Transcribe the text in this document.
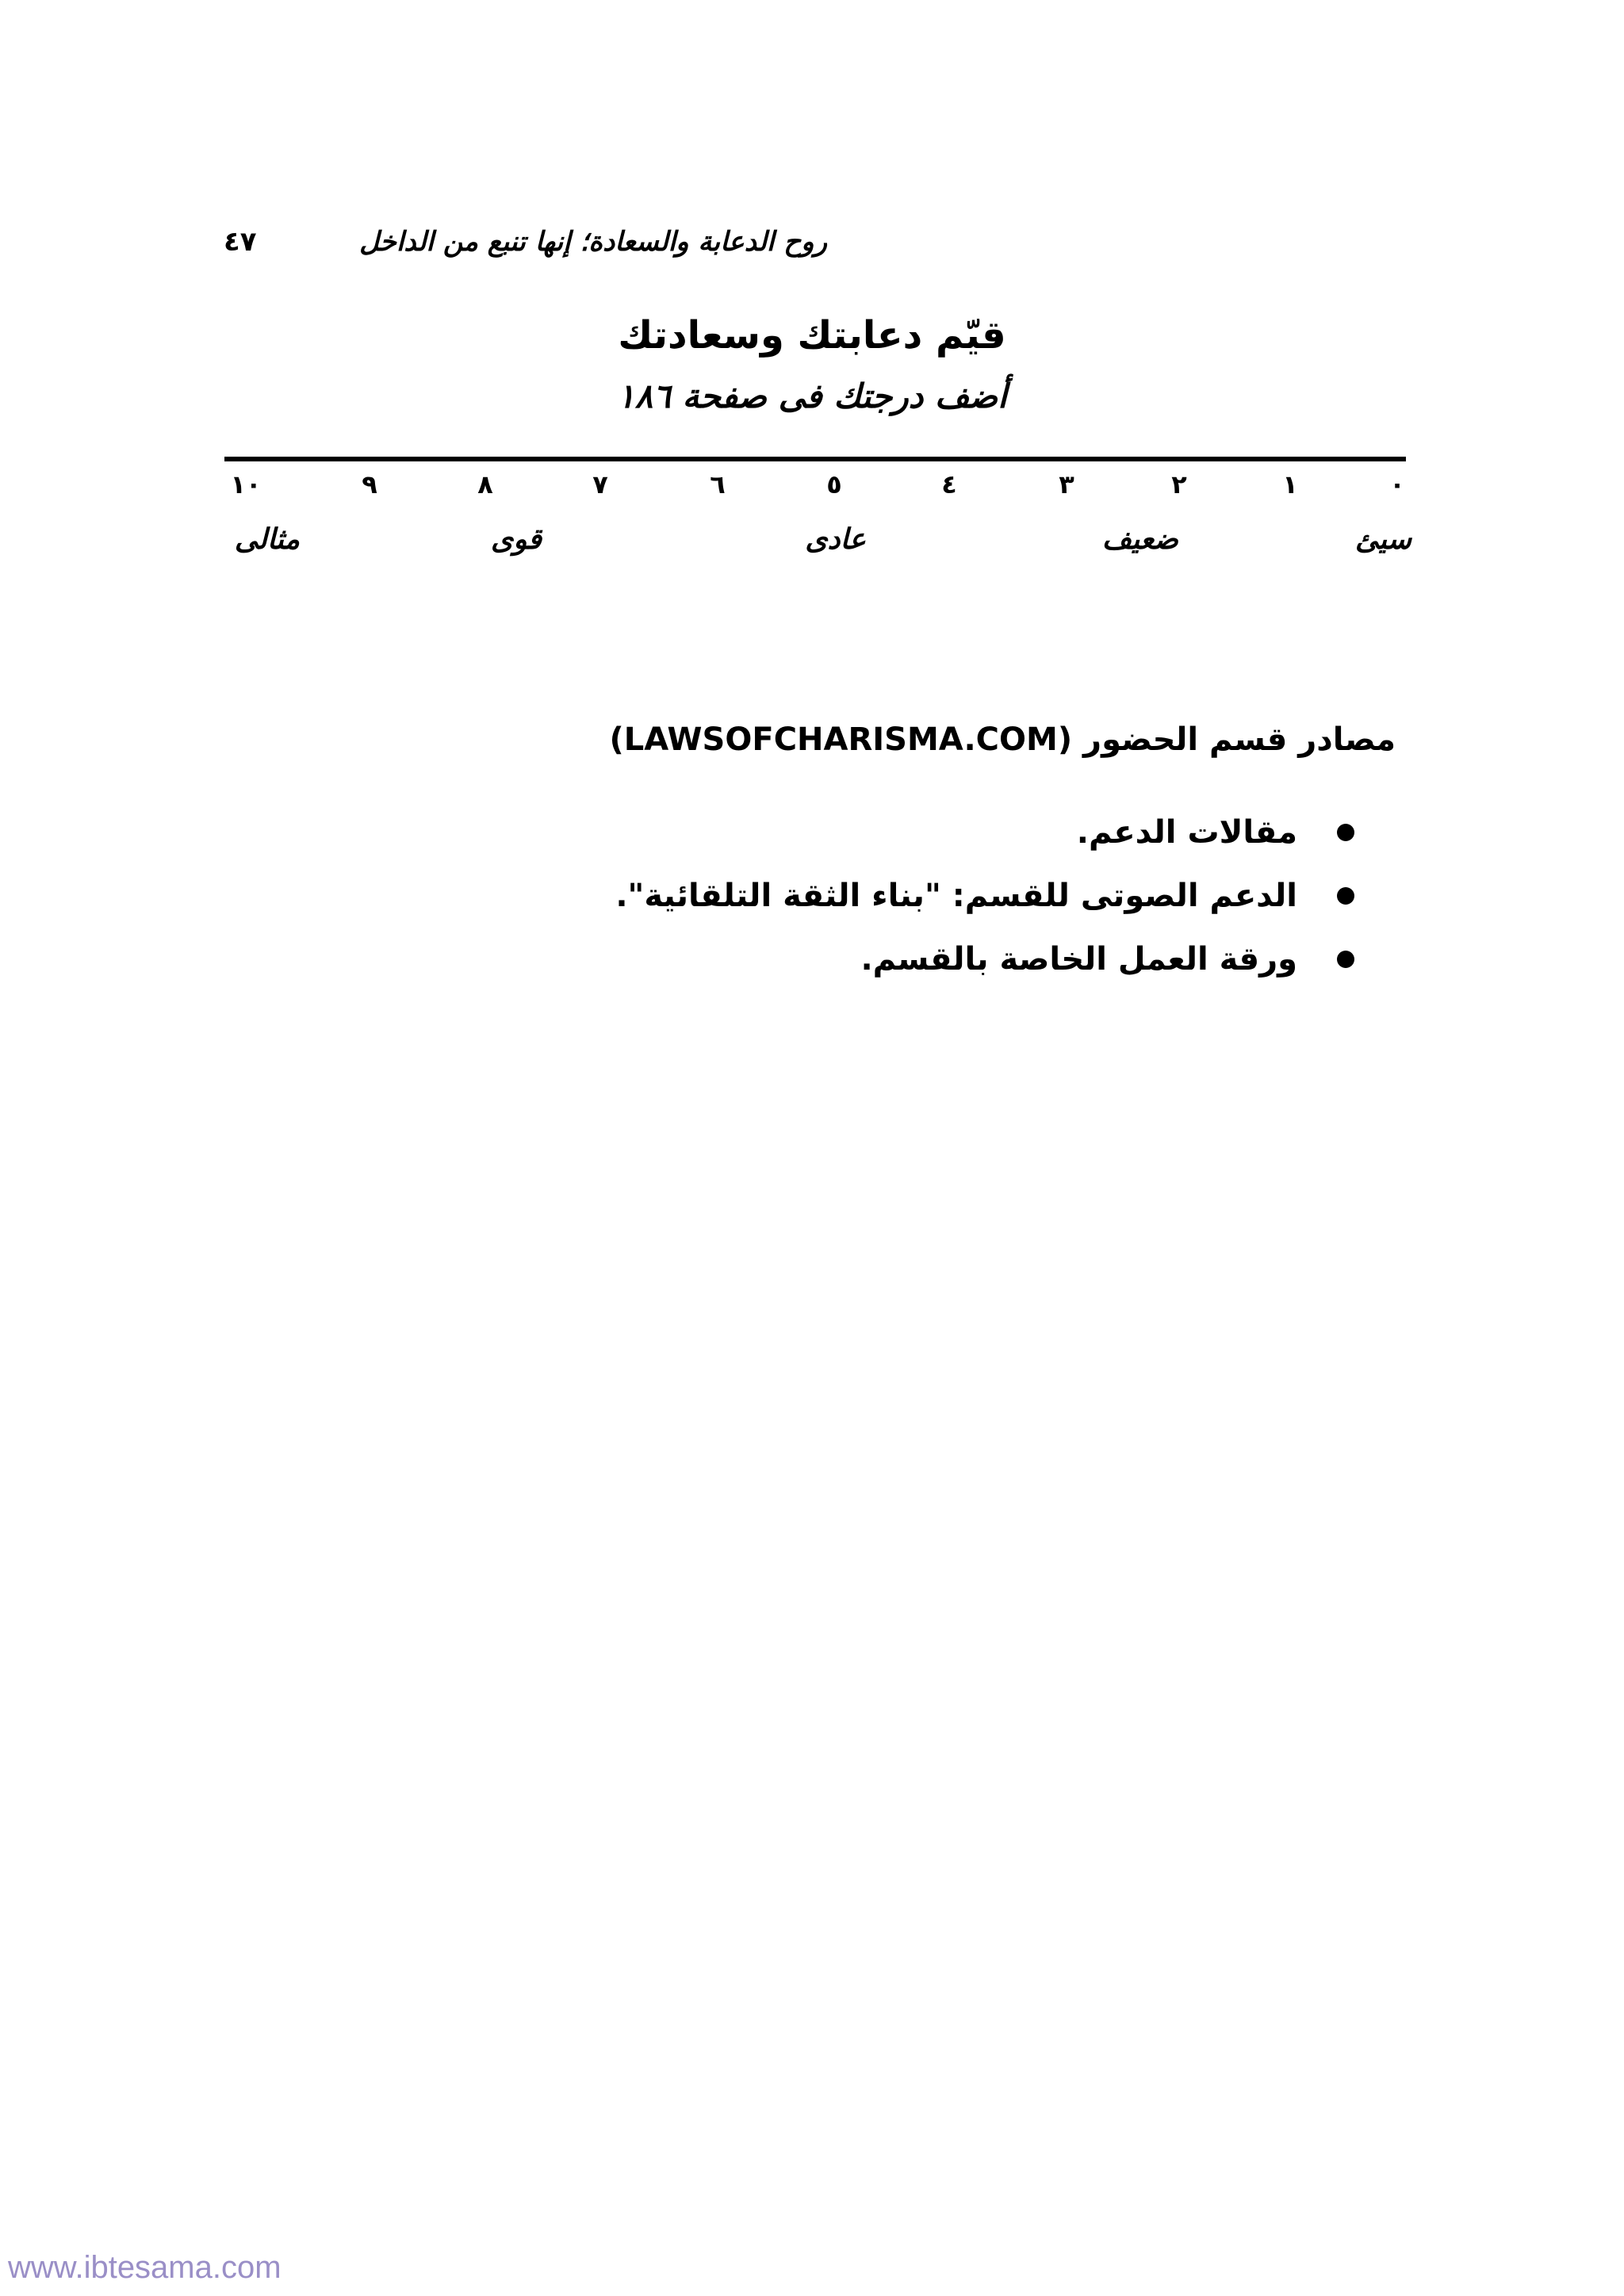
روح الدعابة والسعادة؛ إنها تنبع من الداخل
٤٧
قيّم دعابتك وسعادتك
أضف درجتك فى صفحة ١٨٦
٠
١
٢
٣
٤
٥
٦
٧
٨
٩
١٠
سيئ
ضعيف
عادى
قوى
مثالى
مصادر قسم الحضور (LAWSOFCHARISMA.COM)
مقالات الدعم.
الدعم الصوتى للقسم: "بناء الثقة التلقائية".
ورقة العمل الخاصة بالقسم.
www.ibtesama.com
